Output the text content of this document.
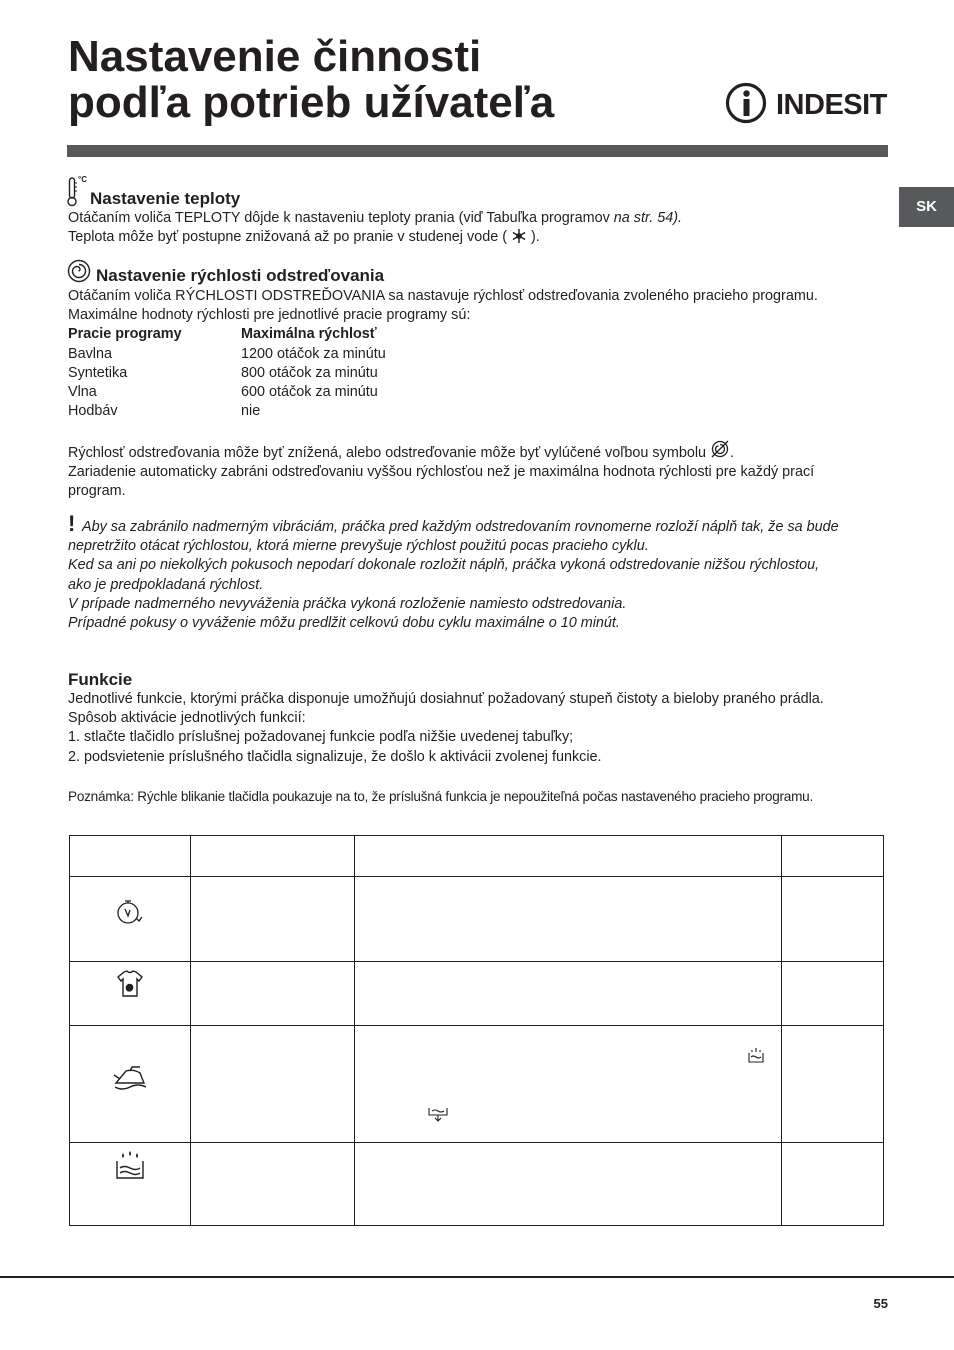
Nastavenie činnosti
podľa potrieb užívateľa	INDESIT
SK
°C
Nastavenie teploty
Otáčaním voliča TEPLOTY dôjde k nastaveniu teploty prania (viď Tabuľka programov na str. 54).
Teplota môže byť postupne znižovaná až po pranie v studenej vode (  ).
Nastavenie rýchlosti odstreďovania
Otáčaním voliča RÝCHLOSTI ODSTREĎOVANIA sa nastavuje rýchlosť odstreďovania zvoleného pracieho programu.
Maximálne hodnoty rýchlosti pre jednotlivé pracie programy sú:
Pracie programy	Maximálna rýchlosť
Bavlna	1200 otáčok za minútu
Syntetika	800 otáčok za minútu
Vlna	600 otáčok za minútu
Hodbáv	nie
Rýchlosť odstreďovania môže byť znížená, alebo odstreďovanie môže byť vylúčené voľbou symbolu .
Zariadenie automaticky zabráni odstreďovaniu vyššou rýchlosťou než je maximálna hodnota rýchlosti pre každý prací
program.
! Aby sa zabránilo nadmerným vibráciám, práčka pred každým odstredovaním rovnomerne rozloží náplň tak, že sa bude
nepretržito otácat rýchlostou, ktorá mierne prevyšuje rýchlost použitú pocas pracieho cyklu.
Ked sa ani po niekolkých pokusoch nepodarí dokonale rozložit náplň, práčka vykoná odstredovanie nižšou rýchlostou,
ako je predpokladaná rýchlost.
V prípade nadmerného nevyváženia práčka vykoná rozloženie namiesto odstredovania.
Prípadné pokusy o vyváženie môžu predlžit celkovú dobu cyklu maximálne o 10 minút.
Funkcie
Jednotlivé funkcie, ktorými práčka disponuje umožňujú dosiahnuť požadovaný stupeň čistoty a bieloby praného prádla.
Spôsob aktivácie jednotlivých funkcií:
1. stlačte tlačidlo príslušnej požadovanej funkcie podľa nižšie uvedenej tabuľky;
2. podsvietenie príslušného tlačidla signalizuje, že došlo k aktivácii zvolenej funkcie.
Poznámka: Rýchle blikanie tlačidla poukazuje na to, že príslušná funkcia je nepoužiteľná počas nastaveného pracieho programu.

55
